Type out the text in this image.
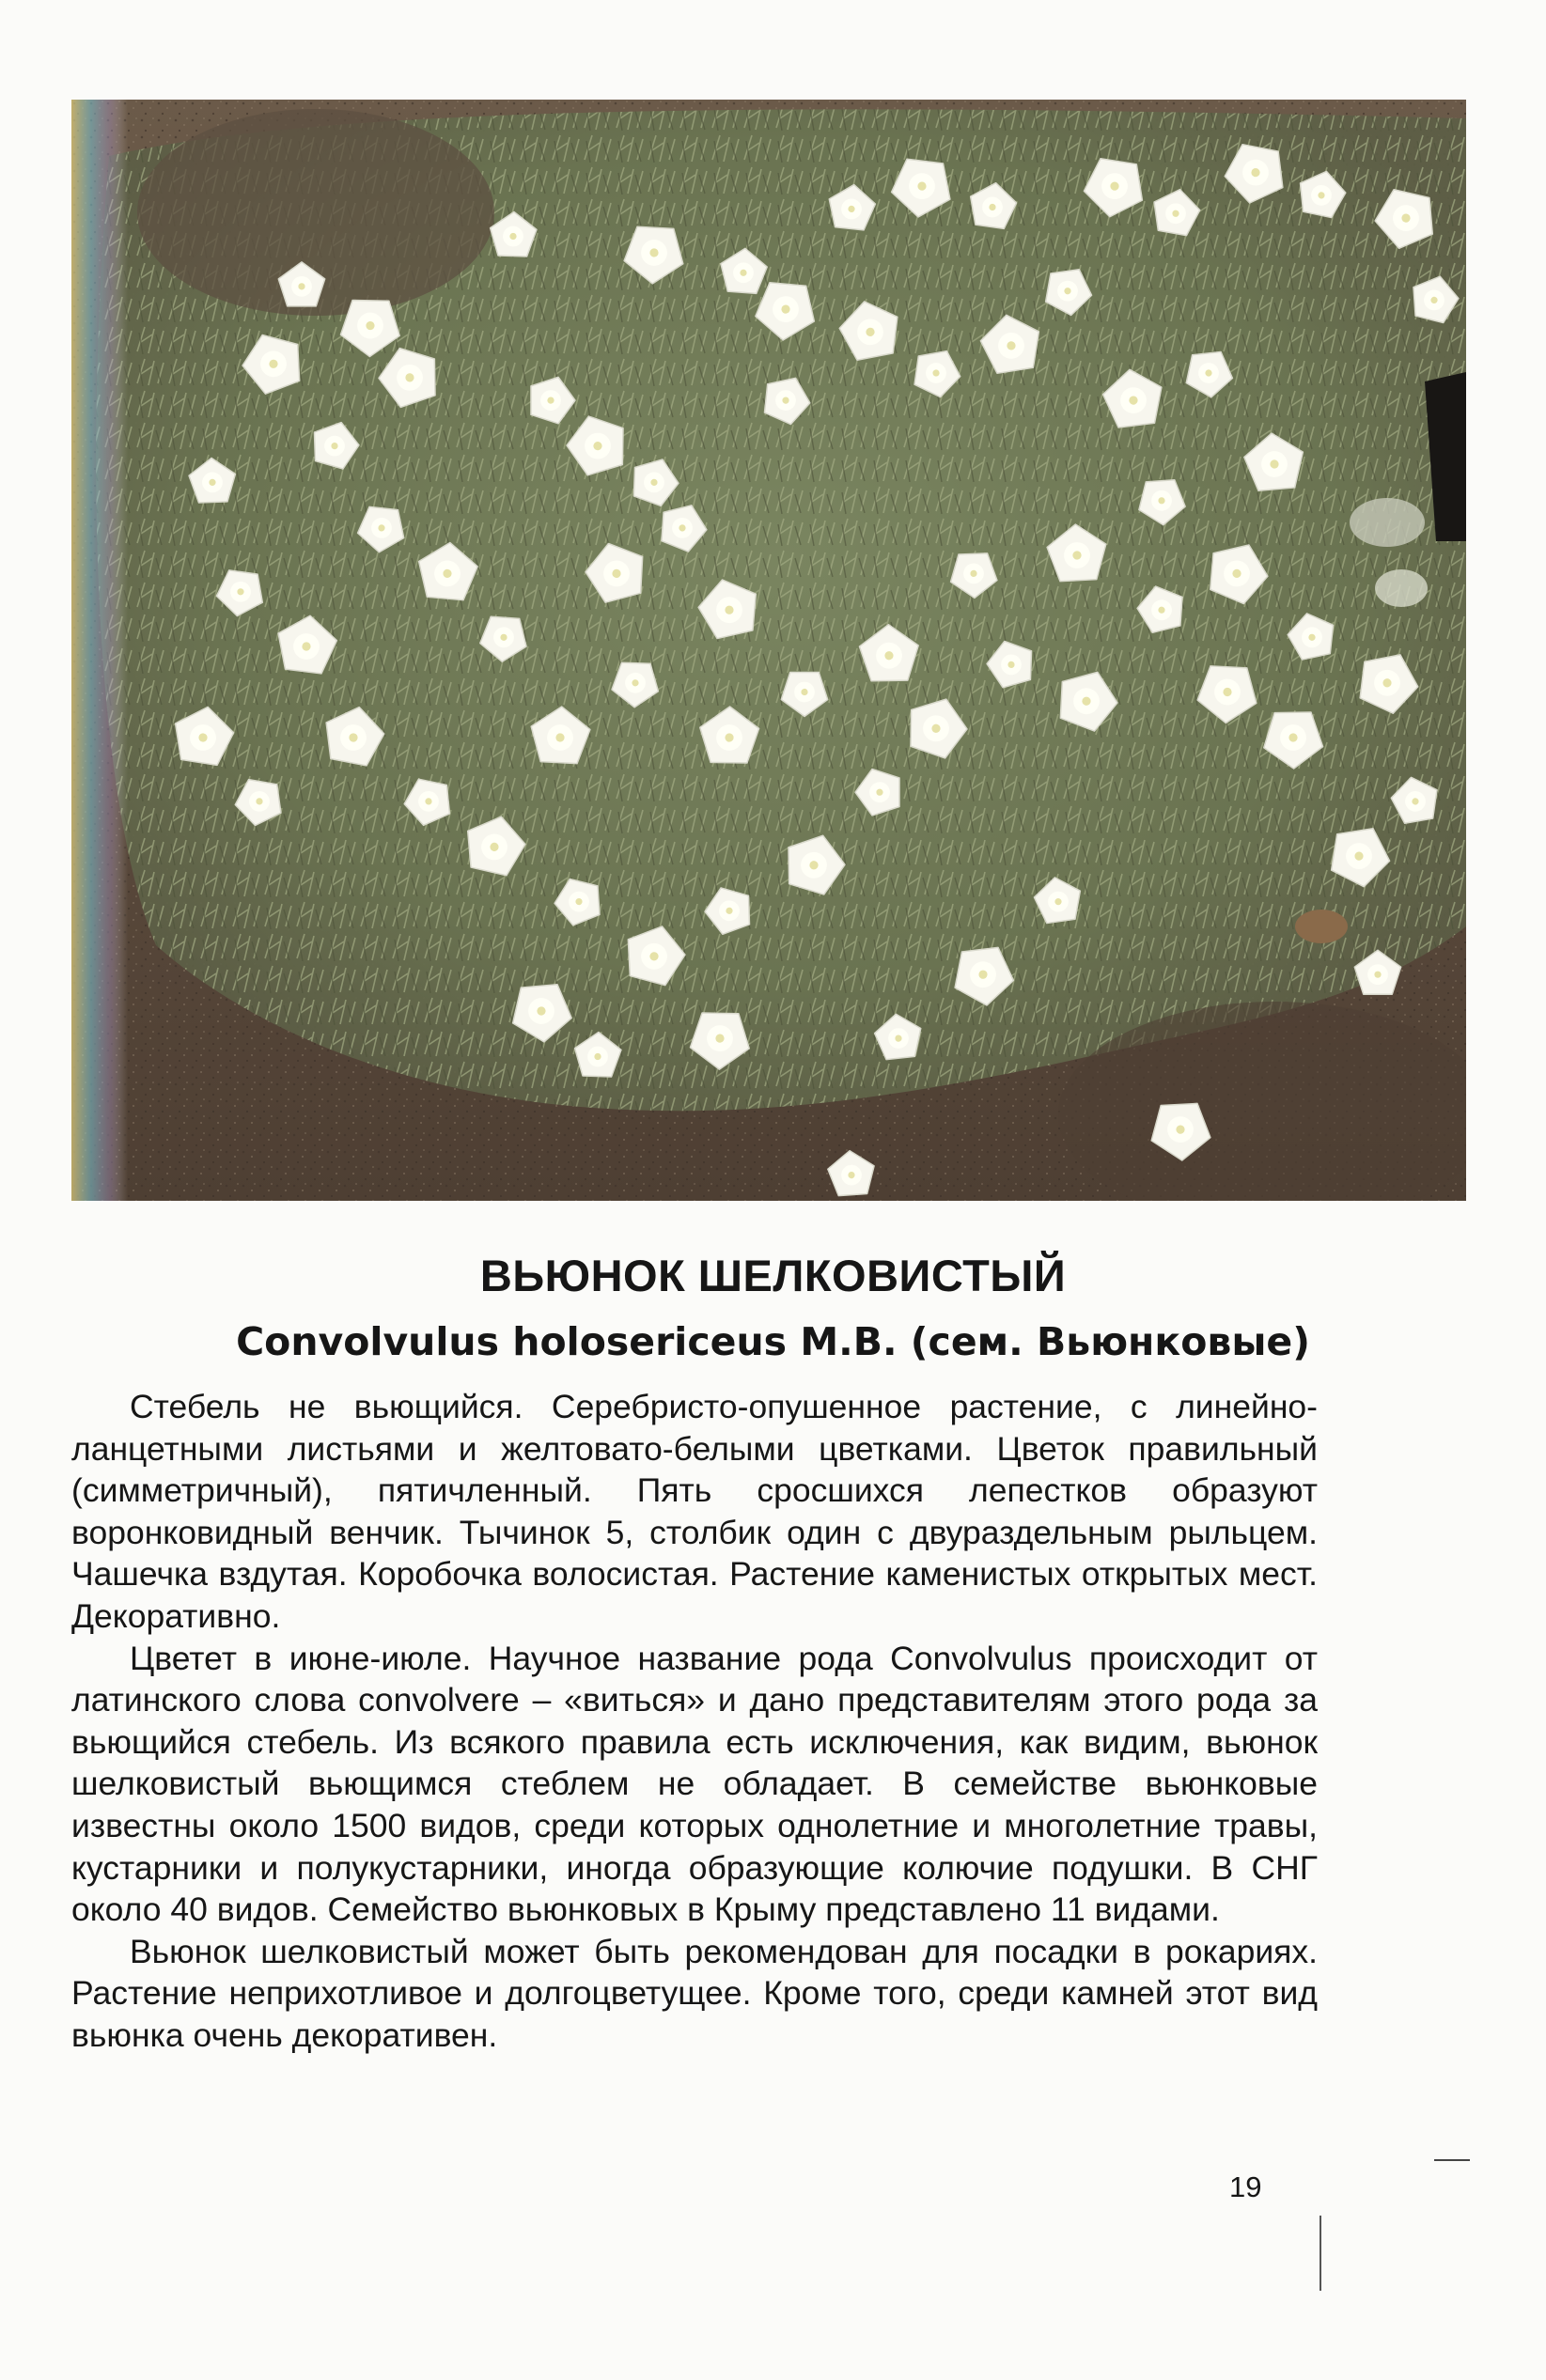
ВЬЮНОК ШЕЛКОВИСТЫЙ
Convolvulus holosericeus M.B. (сем. Вьюнковые)

Стебель не вьющийся. Серебристо-опушенное растение, с линейно-ланцетными листьями и желтовато-белыми цветками. Цветок правильный (симметричный), пятичленный. Пять сросшихся лепестков образуют воронковидный венчик. Тычинок 5, столбик один с двураздельным рыльцем. Чашечка вздутая. Коробочка волосистая. Растение каменистых открытых мест. Декоративно.

Цветет в июне-июле. Научное название рода Convolvulus происходит от латинского слова convolvere – «виться» и дано представителям этого рода за вьющийся стебель. Из всякого правила есть исключения, как видим, вьюнок шелковистый вьющимся стеблем не обладает. В семействе вьюнковые известны около 1500 видов, среди которых однолетние и многолетние травы, кустарники и полукустарники, иногда образующие колючие подушки. В СНГ около 40 видов. Семейство вьюнковых в Крыму представлено 11 видами.

Вьюнок шелковистый может быть рекомендован для посадки в рокариях. Растение неприхотливое и долгоцветущее. Кроме того, среди камней этот вид вьюнка очень декоративен.

19
